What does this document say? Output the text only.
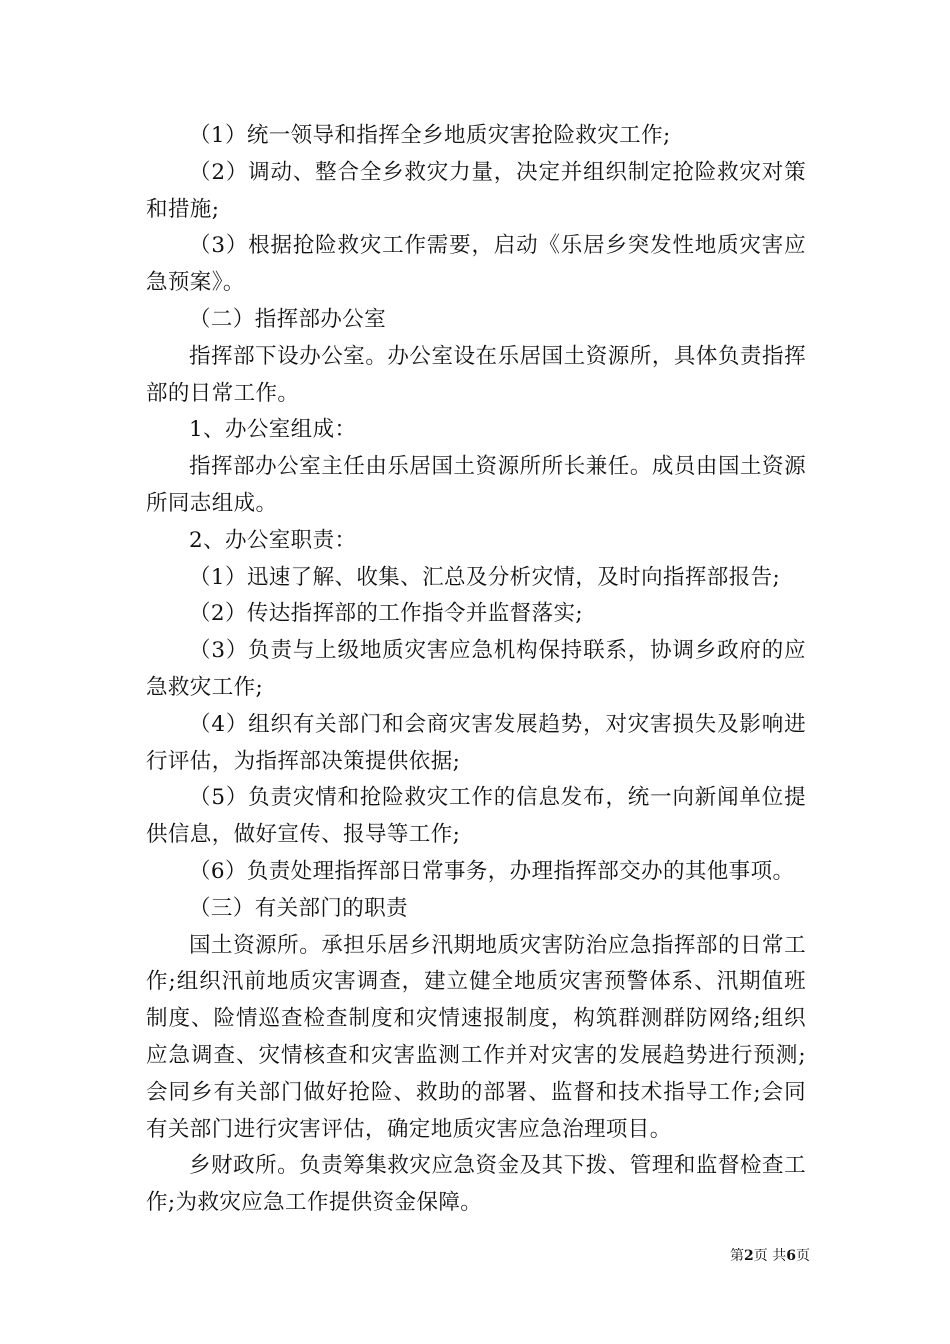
（1）统一领导和指挥全乡地质灾害抢险救灾工作;

（2）调动、整合全乡救灾力量，决定并组织制定抢险救灾对策和措施;

（3）根据抢险救灾工作需要，启动《乐居乡突发性地质灾害应急预案》。

（二）指挥部办公室

指挥部下设办公室。办公室设在乐居国土资源所，具体负责指挥部的日常工作。

1、办公室组成：

指挥部办公室主任由乐居国土资源所所长兼任。成员由国土资源所同志组成。

2、办公室职责：

（1）迅速了解、收集、汇总及分析灾情，及时向指挥部报告;

（2）传达指挥部的工作指令并监督落实;

（3）负责与上级地质灾害应急机构保持联系，协调乡政府的应急救灾工作;

（4）组织有关部门和会商灾害发展趋势，对灾害损失及影响进行评估，为指挥部决策提供依据;

（5）负责灾情和抢险救灾工作的信息发布，统一向新闻单位提供信息，做好宣传、报导等工作;

（6）负责处理指挥部日常事务，办理指挥部交办的其他事项。

（三）有关部门的职责

国土资源所。承担乐居乡汛期地质灾害防治应急指挥部的日常工作;组织汛前地质灾害调查，建立健全地质灾害预警体系、汛期值班制度、险情巡查检查制度和灾情速报制度，构筑群测群防网络;组织应急调查、灾情核查和灾害监测工作并对灾害的发展趋势进行预测;会同乡有关部门做好抢险、救助的部署、监督和技术指导工作;会同有关部门进行灾害评估，确定地质灾害应急治理项目。

乡财政所。负责筹集救灾应急资金及其下拨、管理和监督检查工作;为救灾应急工作提供资金保障。

第2页 共6页
